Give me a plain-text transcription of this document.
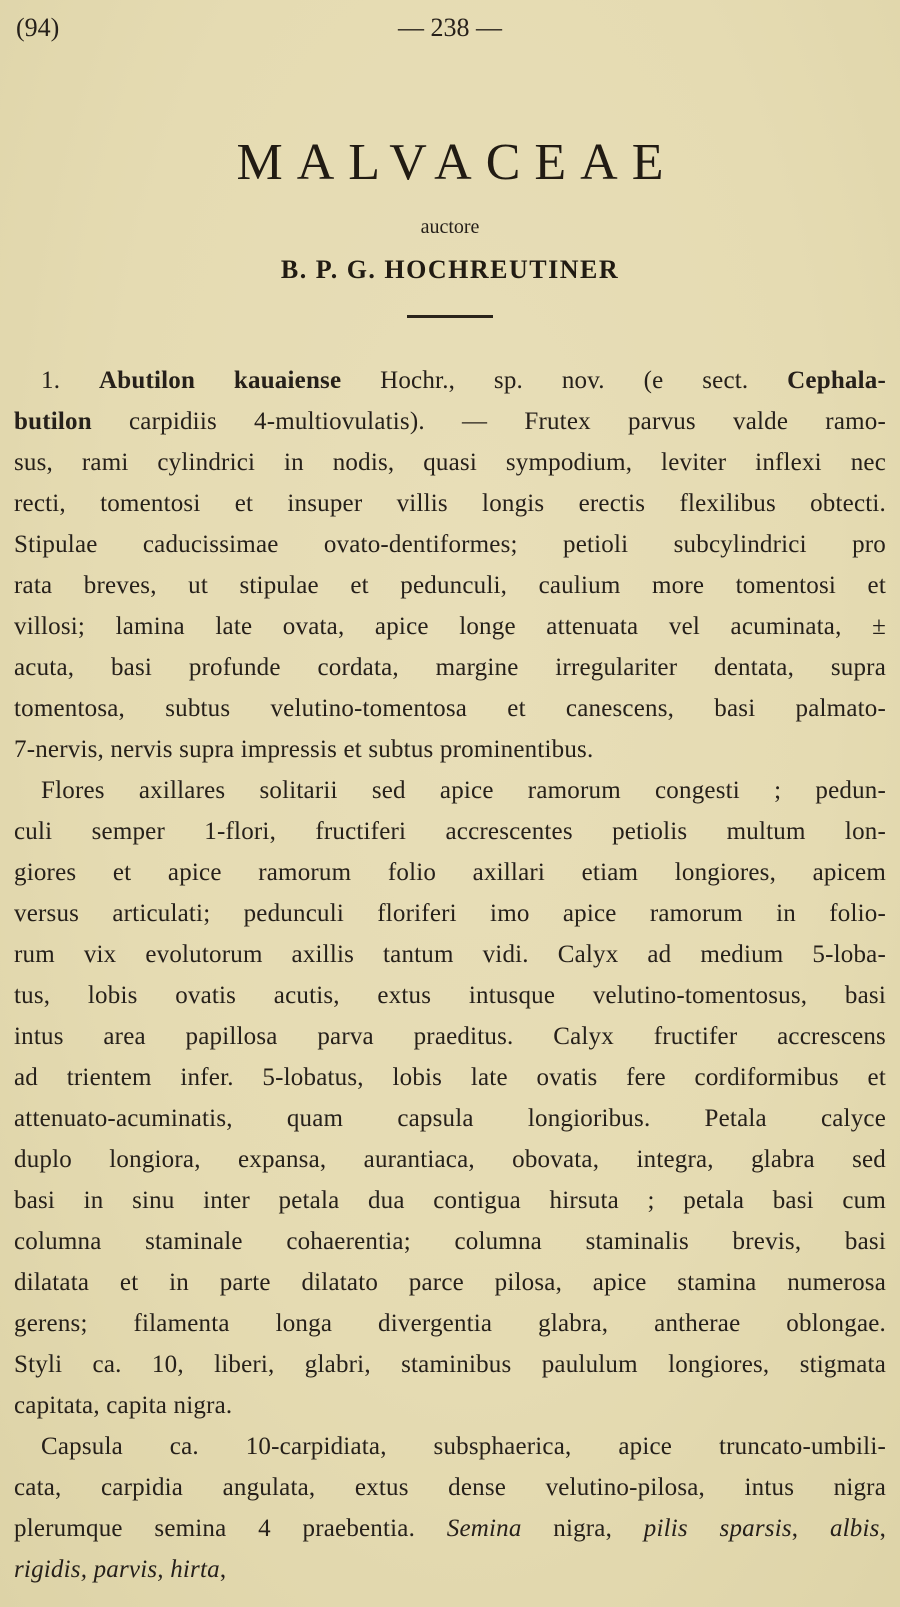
(94)	— 238 —
MALVACEAE
auctore
B. P. G. HOCHREUTINER
1. Abutilon kauaiense Hochr., sp. nov. (e sect. Cephala-
butilon carpidiis 4-multiovulatis). — Frutex parvus valde ramo-
sus, rami cylindrici in nodis, quasi sympodium, leviter inflexi nec
recti, tomentosi et insuper villis longis erectis flexilibus obtecti.
Stipulae caducissimae ovato-dentiformes; petioli subcylindrici pro
rata breves, ut stipulae et pedunculi, caulium more tomentosi et
villosi; lamina late ovata, apice longe attenuata vel acuminata, ±
acuta, basi profunde cordata, margine irregulariter dentata, supra
tomentosa, subtus velutino-tomentosa et canescens, basi palmato-
7-nervis, nervis supra impressis et subtus prominentibus.
Flores axillares solitarii sed apice ramorum congesti ; pedun-
culi semper 1-flori, fructiferi accrescentes petiolis multum lon-
giores et apice ramorum folio axillari etiam longiores, apicem
versus articulati; pedunculi floriferi imo apice ramorum in folio-
rum vix evolutorum axillis tantum vidi. Calyx ad medium 5-loba-
tus, lobis ovatis acutis, extus intusque velutino-tomentosus, basi
intus area papillosa parva praeditus. Calyx fructifer accrescens
ad trientem infer. 5-lobatus, lobis late ovatis fere cordiformibus et
attenuato-acuminatis, quam capsula longioribus. Petala calyce
duplo longiora, expansa, aurantiaca, obovata, integra, glabra sed
basi in sinu inter petala dua contigua hirsuta ; petala basi cum
columna staminale cohaerentia; columna staminalis brevis, basi
dilatata et in parte dilatato parce pilosa, apice stamina numerosa
gerens; filamenta longa divergentia glabra, antherae oblongae.
Styli ca. 10, liberi, glabri, staminibus paululum longiores, stigmata
capitata, capita nigra.
Capsula ca. 10-carpidiata, subsphaerica, apice truncato-umbili-
cata, carpidia angulata, extus dense velutino-pilosa, intus nigra
plerumque semina 4 praebentia. Semina nigra, pilis sparsis, albis,
rigidis, parvis, hirta,
